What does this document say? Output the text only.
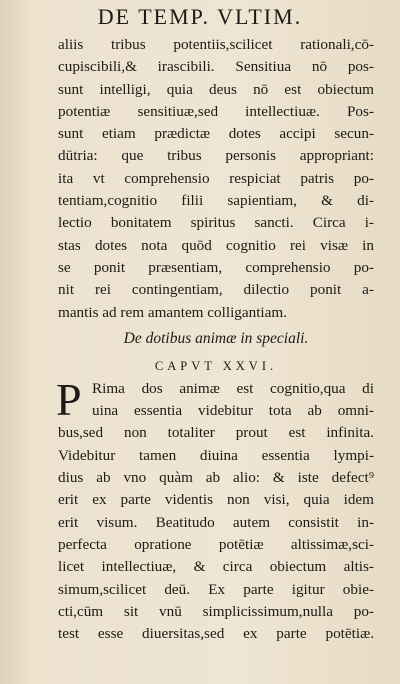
DE TEMP. VLTIM.
aliis tribus potentiis,scilicet rationali,cō-
cupiscibili,& irascibili. Sensitiua nō pos-
sunt intelligi, quia deus nō est obiectum
potentiæ sensitiuæ,sed intellectiuæ. Pos-
sunt etiam prædictæ dotes accipi secun-
dūtria: que tribus personis appropriant:
ita vt comprehensio respiciat patris po-
tentiam,cognitio filii sapientiam, & di-
lectio bonitatem spiritus sancti. Circa i-
stas dotes nota quōd cognitio rei visæ in
se ponit præsentiam, comprehensio po-
nit rei contingentiam, dilectio ponit a-
mantis ad rem amantem colligantiam.
De dotibus animæ in speciali.
CAPVT XXVI.
P Rima dos animæ est cognitio,qua di
uina essentia videbitur tota ab omni-
bus,sed non totaliter prout est infinita.
Videbitur tamen diuina essentia lympi-
dius ab vno quàm ab alio: & iste defect⁹
erit ex parte videntis non visi, quia idem
erit visum. Beatitudo autem consistit in-
perfecta opratione potētiæ altissimæ,sci-
licet intellectiuæ, & circa obiectum altis-
simum,scilicet deū. Ex parte igitur obie-
cti,cūm sit vnū simplicissimum,nulla po-
test esse diuersitas,sed ex parte potētiæ.
